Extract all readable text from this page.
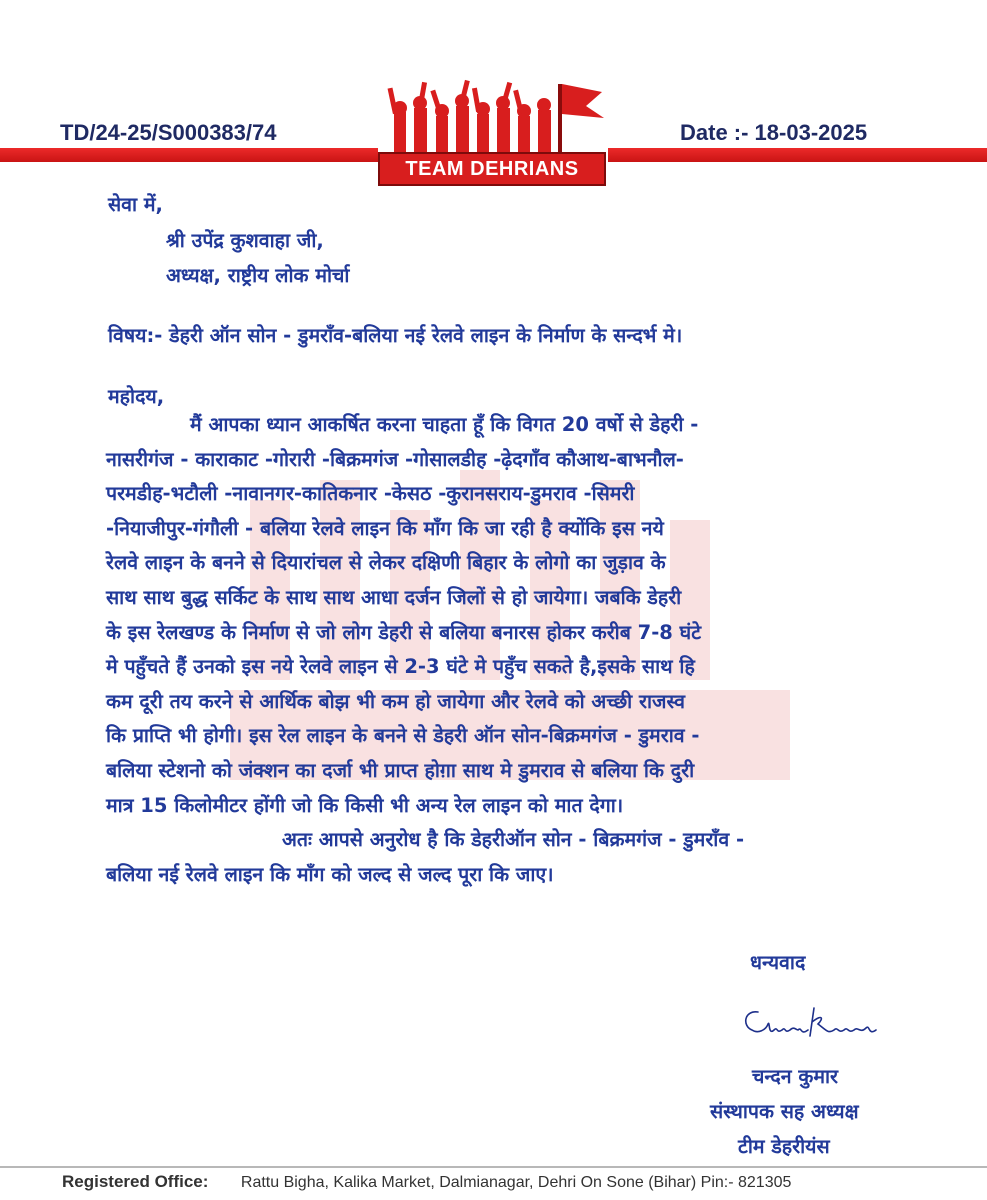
TD/24-25/S000383/74	Date :- 18-03-2025
TEAM DEHRIANS
सेवा में,
श्री उपेंद्र कुशवाहा जी,
अध्यक्ष, राष्ट्रीय लोक मोर्चा
विषय:- डेहरी ऑन सोन - डुमराँव-बलिया नई रेलवे लाइन के निर्माण के सन्दर्भ मे।
महोदय,
मैं आपका ध्यान आकर्षित करना चाहता हूँ कि विगत 20 वर्षो से डेहरी -
नासरीगंज - काराकाट -गोरारी -बिक्रमगंज -गोसालडीह -ढ़ेदगाँव कौआथ-बाभनौल-
परमडीह-भटौली -नावानगर-कातिकनार -केसठ -कुरानसराय-डुमराव -सिमरी
-नियाजीपुर-गंगौली - बलिया रेलवे लाइन कि माँग कि जा रही है क्योंकि इस नये
रेलवे लाइन के बनने से दियारांचल से लेकर दक्षिणी बिहार के लोगो का जुड़ाव के
साथ साथ बुद्ध सर्किट के साथ साथ आधा दर्जन जिलों से हो जायेगा। जबकि डेहरी
के इस रेलखण्ड के निर्माण से जो लोग डेहरी से बलिया बनारस होकर करीब 7-8 घंटे
मे पहुँचते हैं उनको इस नये रेलवे लाइन से 2-3 घंटे मे पहुँच सकते है,इसके साथ हि
कम दूरी तय करने से आर्थिक बोझ भी कम हो जायेगा और रेलवे को अच्छी राजस्व
कि प्राप्ति भी होगी। इस रेल लाइन के बनने से डेहरी ऑन सोन-बिक्रमगंज - डुमराव -
बलिया स्टेशनो को जंक्शन का दर्जा भी प्राप्त होग़ा साथ मे डुमराव से बलिया कि दुरी
मात्र 15 किलोमीटर होंगी जो कि किसी भी अन्य रेल लाइन को मात देगा।
अतः आपसे अनुरोध है कि डेहरीऑन सोन - बिक्रमगंज - डुमराँव -
बलिया नई रेलवे लाइन कि माँग को जल्द से जल्द पूरा कि जाए।
धन्यवाद
चन्दन कुमार
संस्थापक सह अध्यक्ष
टीम डेहरीयंस
Registered Office: Rattu Bigha, Kalika Market, Dalmianagar, Dehri On Sone (Bihar) Pin:- 821305
